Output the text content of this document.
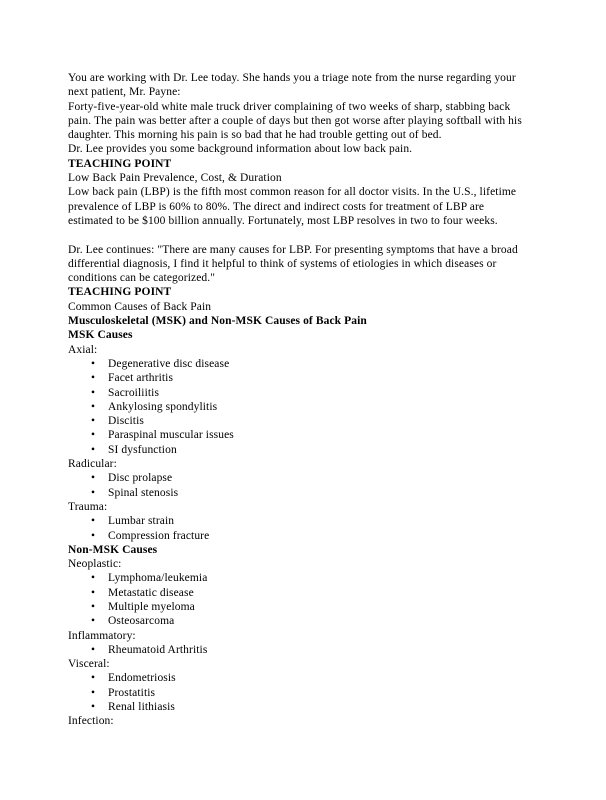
You are working with Dr. Lee today. She hands you a triage note from the nurse regarding your
next patient, Mr. Payne:
Forty-five-year-old white male truck driver complaining of two weeks of sharp, stabbing back
pain. The pain was better after a couple of days but then got worse after playing softball with his
daughter. This morning his pain is so bad that he had trouble getting out of bed.
Dr. Lee provides you some background information about low back pain.
TEACHING POINT
Low Back Pain Prevalence, Cost, & Duration
Low back pain (LBP) is the fifth most common reason for all doctor visits. In the U.S., lifetime
prevalence of LBP is 60% to 80%. The direct and indirect costs for treatment of LBP are
estimated to be $100 billion annually. Fortunately, most LBP resolves in two to four weeks.

Dr. Lee continues: "There are many causes for LBP. For presenting symptoms that have a broad
differential diagnosis, I find it helpful to think of systems of etiologies in which diseases or
conditions can be categorized."
TEACHING POINT
Common Causes of Back Pain
Musculoskeletal (MSK) and Non-MSK Causes of Back Pain
MSK Causes
Axial:
• Degenerative disc disease
• Facet arthritis
• Sacroiliitis
• Ankylosing spondylitis
• Discitis
• Paraspinal muscular issues
• SI dysfunction
Radicular:
• Disc prolapse
• Spinal stenosis
Trauma:
• Lumbar strain
• Compression fracture
Non-MSK Causes
Neoplastic:
• Lymphoma/leukemia
• Metastatic disease
• Multiple myeloma
• Osteosarcoma
Inflammatory:
• Rheumatoid Arthritis
Visceral:
• Endometriosis
• Prostatitis
• Renal lithiasis
Infection:
